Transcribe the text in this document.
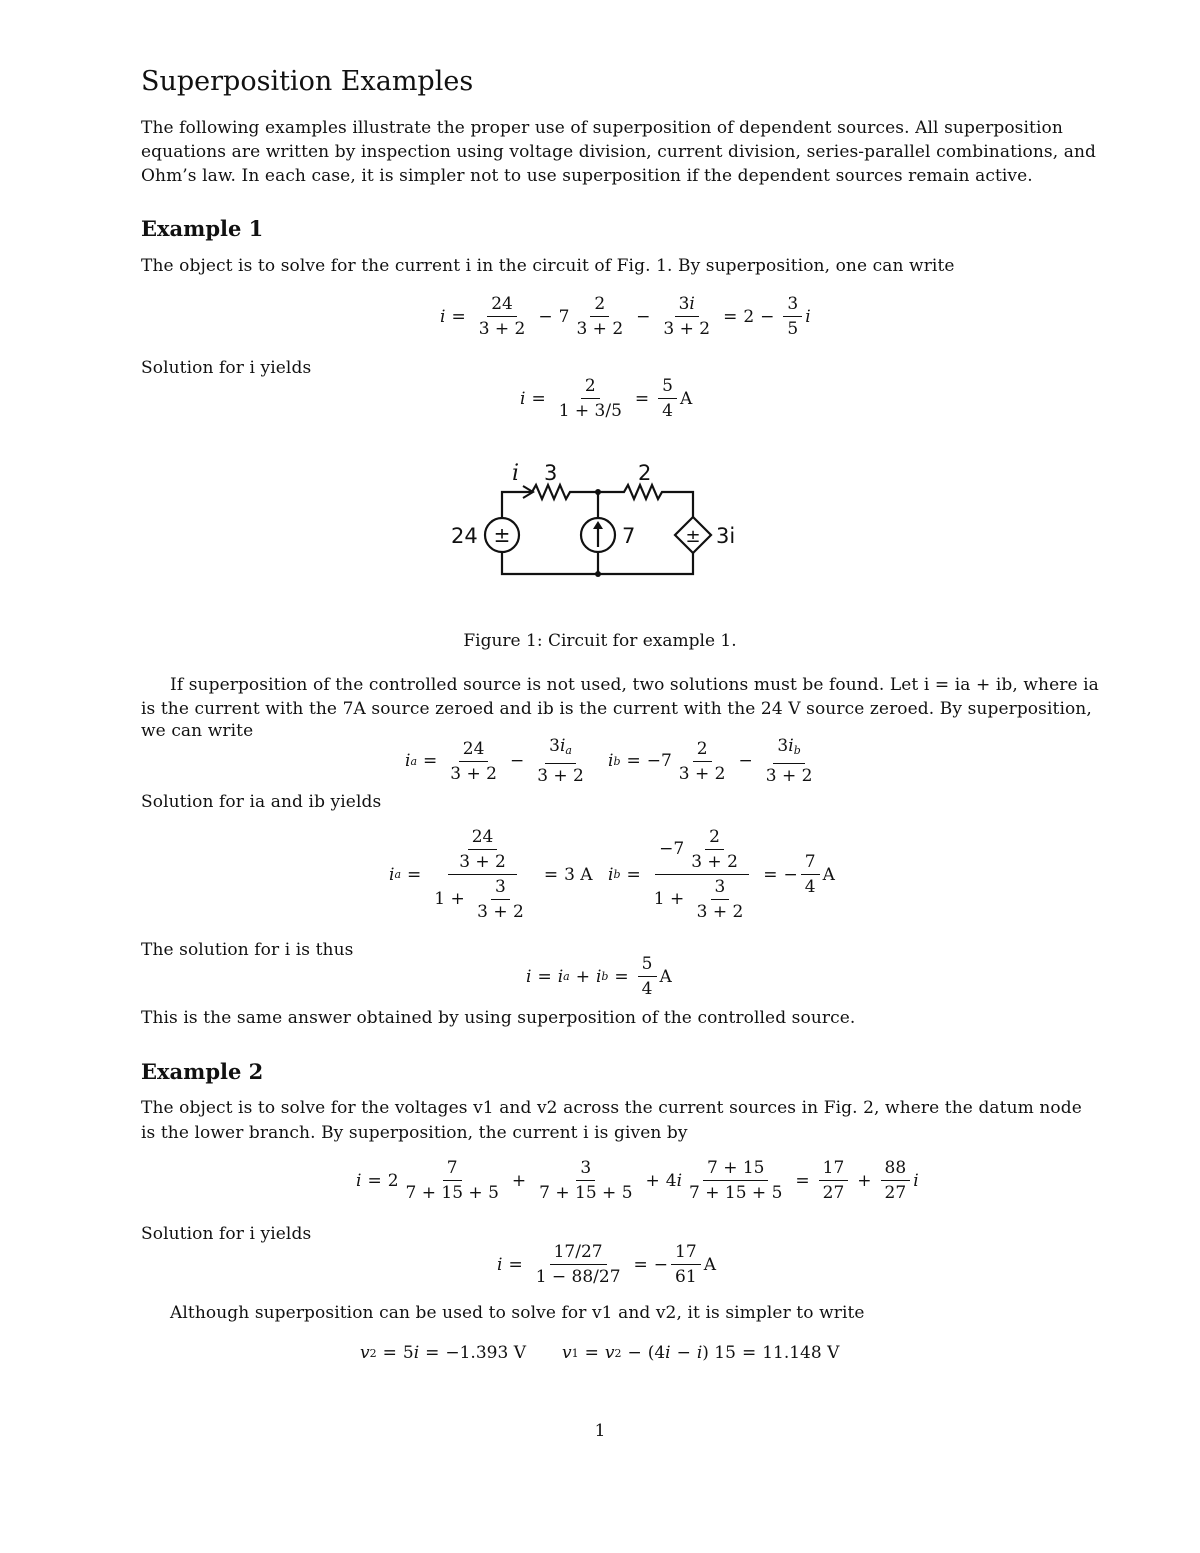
Superposition Examples
The following examples illustrate the proper use of superposition of dependent sources. All superposition
equations are written by inspection using voltage division, current division, series-parallel combinations, and
Ohm’s law. In each case, it is simpler not to use superposition if the dependent sources remain active.
Example 1
The object is to solve for the current i in the circuit of Fig. 1. By superposition, one can write
$i = \frac{24}{3 + 2} - 7 \frac{2}{3 + 2} - \frac{3i}{3 + 2} = 2 - \frac{3}{5}$ i
Solution for i yields
$i = \frac{2}{1 + 3/5} = \frac{5}{4}$ A
±	±
i 3	2
24	7	3i
Figure 1: Circuit for example 1.
If superposition of the controlled source is not used, two solutions must be found. Let i = ia + ib, where ia
is the current with the 7A source zeroed and ib is the current with the 24 V source zeroed. By superposition,
we can write
i $a = \frac{24}{3 + 2} - \frac{3i_a}{3 + 2}$ i $b = -7 \frac{2}{3 + 2} - \frac{3i_b}{3 + 2}$
Solution for ia and ib yields
i $a = \frac{\frac{24}{3 + 2}}{1 + \frac{3}{3 + 2}} = 3$ A i $b = \frac{-7 \frac{2}{3 + 2}}{1 + \frac{3}{3 + 2}}$ = − $\frac{7}{4}$ A
The solution for i is thus
i = i a + i $b = \frac{5}{4}$ A
This is the same answer obtained by using superposition of the controlled source.
Example 2
The object is to solve for the voltages v1 and v2 across the current sources in Fig. 2, where the datum node
is the lower branch. By superposition, the current i is given by
$i = 2 \frac{7}{7 + 15 + 5} + \frac{3}{7 + 15 + 5} + 4$ i $\frac{7 + 15}{7 + 15 + 5} = \frac{17}{27} + \frac{88}{27}$ i
Solution for i yields
$i = \frac{17/27}{1 - 88/27}$ = − $\frac{17}{61}$ A
Although superposition can be used to solve for v1 and v2, it is simpler to write
v 2 = 5 i = −1.393 V v 1 = v 2 − (4 i − i ) 15 = 11.148 V
1
